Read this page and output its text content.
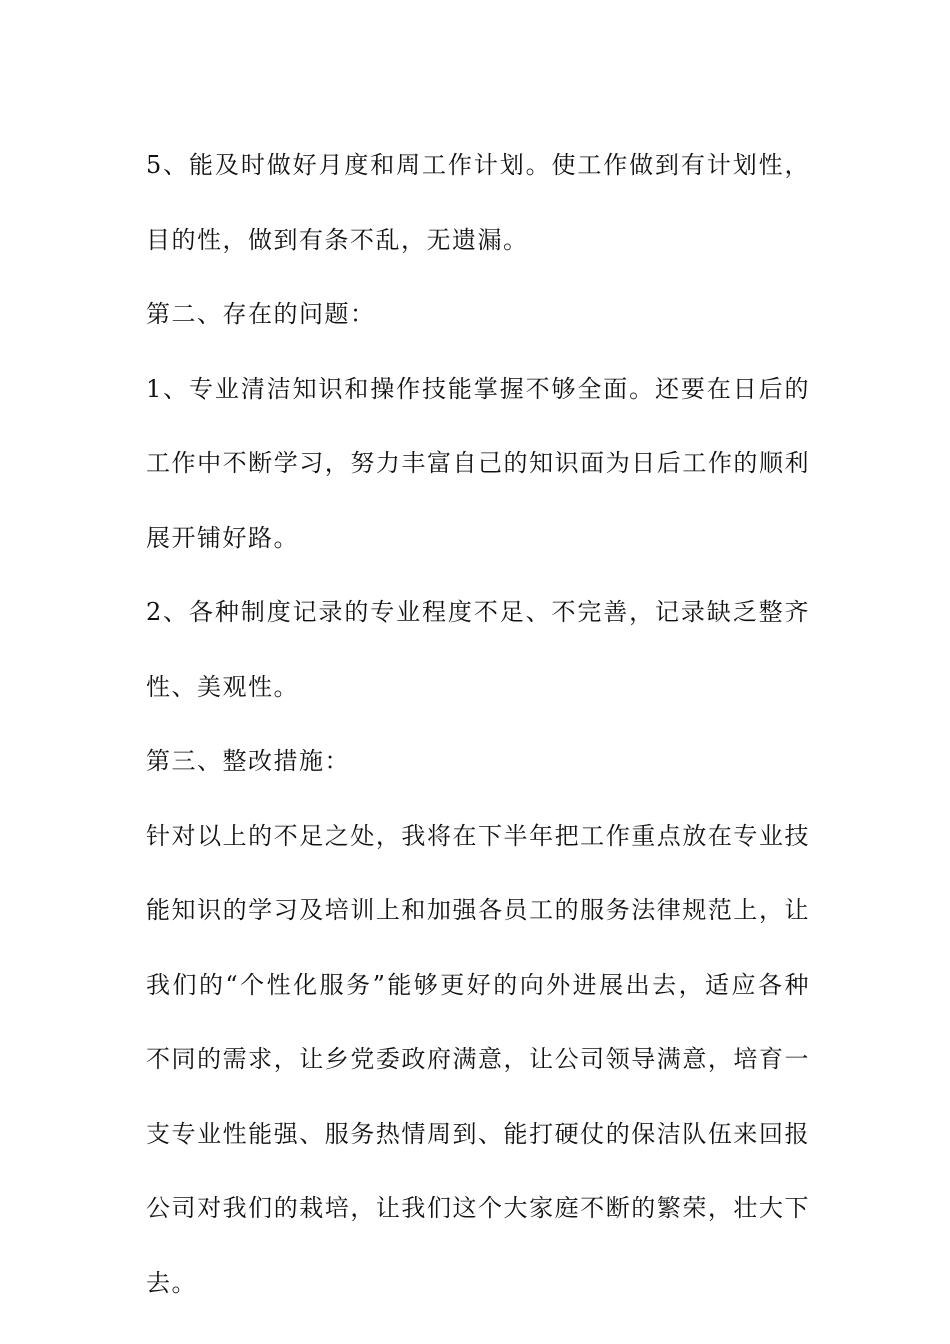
5、能及时做好月度和周工作计划。使工作做到有计划性，目的性，做到有条不乱，无遗漏。

第二、存在的问题：

1、专业清洁知识和操作技能掌握不够全面。还要在日后的工作中不断学习，努力丰富自己的知识面为日后工作的顺利展开铺好路。

2、各种制度记录的专业程度不足、不完善，记录缺乏整齐性、美观性。

第三、整改措施：

针对以上的不足之处，我将在下半年把工作重点放在专业技能知识的学习及培训上和加强各员工的服务法律规范上，让我们的“个性化服务”能够更好的向外进展出去，适应各种不同的需求，让乡党委政府满意，让公司领导满意，培育一支专业性能强、服务热情周到、能打硬仗的保洁队伍来回报公司对我们的栽培，让我们这个大家庭不断的繁荣，壮大下去。
